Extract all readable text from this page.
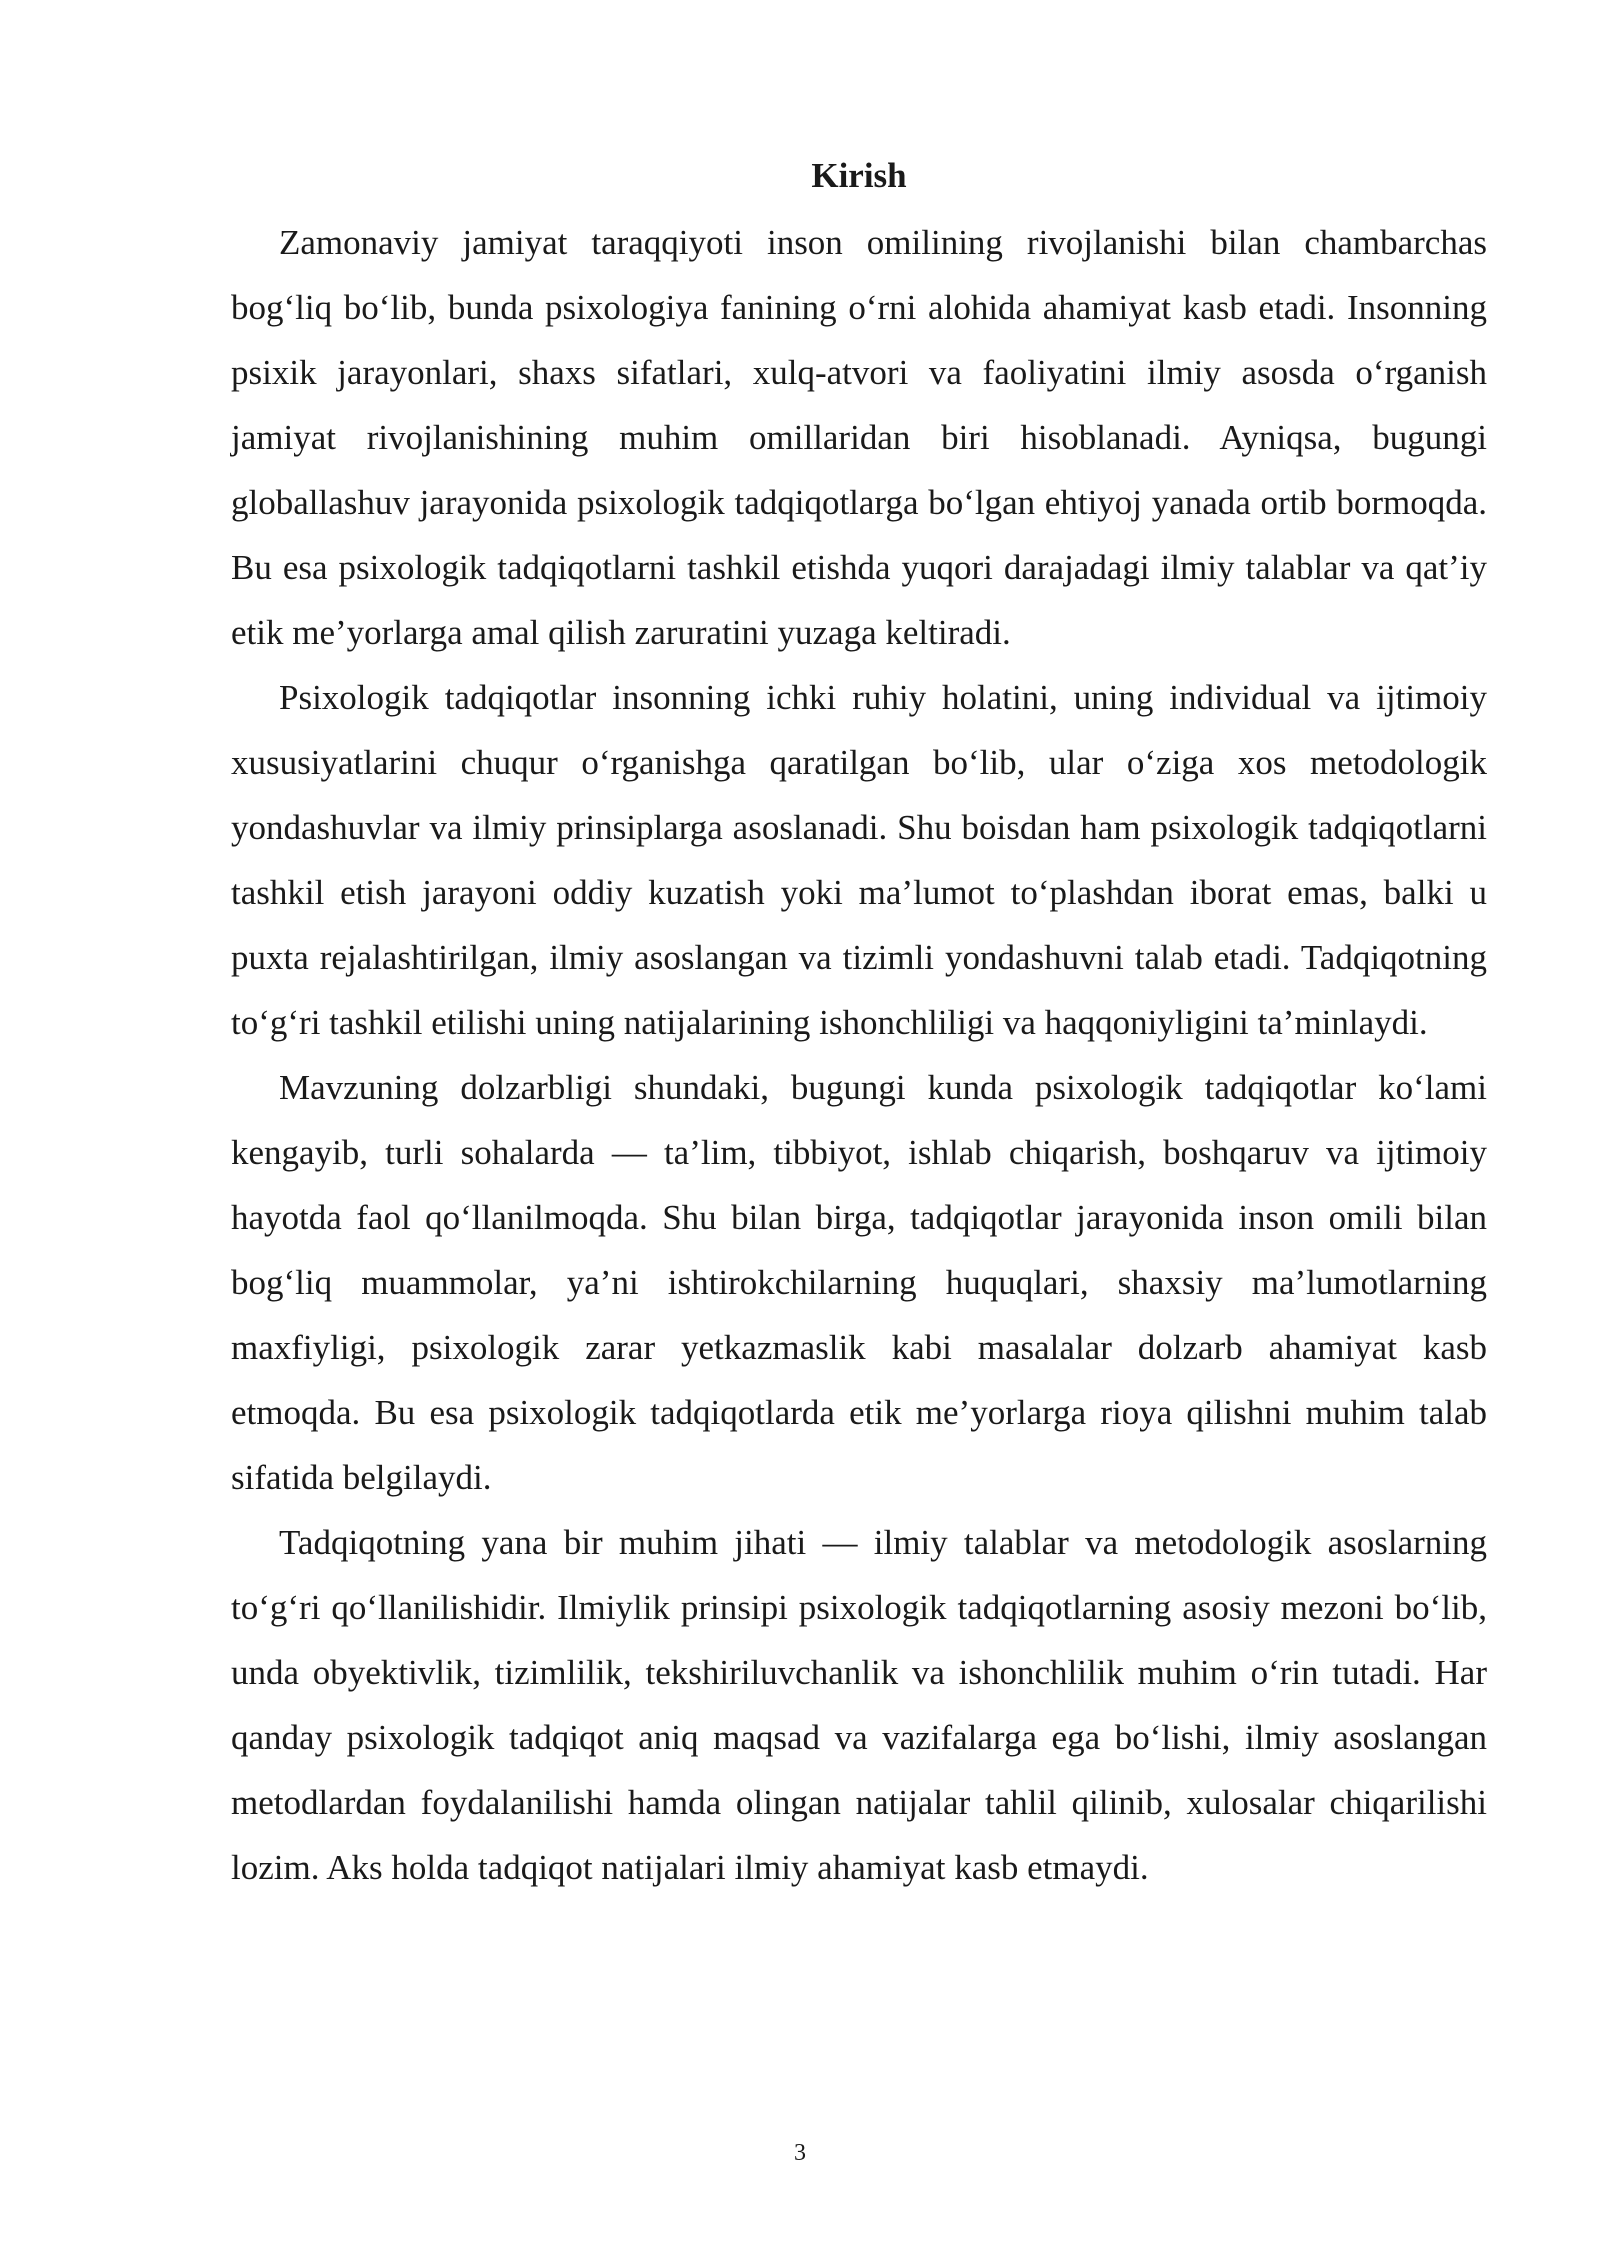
Kirish

Zamonaviy jamiyat taraqqiyoti inson omilining rivojlanishi bilan chambarchas bog‘liq bo‘lib, bunda psixologiya fanining o‘rni alohida ahamiyat kasb etadi. Insonning psixik jarayonlari, shaxs sifatlari, xulq-atvori va faoliyatini ilmiy asosda o‘rganish jamiyat rivojlanishining muhim omillaridan biri hisoblanadi. Ayniqsa, bugungi globallashuv jarayonida psixologik tadqiqotlarga bo‘lgan ehtiyoj yanada ortib bormoqda. Bu esa psixologik tadqiqotlarni tashkil etishda yuqori darajadagi ilmiy talablar va qat’iy etik me’yorlarga amal qilish zaruratini yuzaga keltiradi.

Psixologik tadqiqotlar insonning ichki ruhiy holatini, uning individual va ijtimoiy xususiyatlarini chuqur o‘rganishga qaratilgan bo‘lib, ular o‘ziga xos metodologik yondashuvlar va ilmiy prinsiplarga asoslanadi. Shu boisdan ham psixologik tadqiqotlarni tashkil etish jarayoni oddiy kuzatish yoki ma’lumot to‘plashdan iborat emas, balki u puxta rejalashtirilgan, ilmiy asoslangan va tizimli yondashuvni talab etadi. Tadqiqotning to‘g‘ri tashkil etilishi uning natijalarining ishonchliligi va haqqoniyligini ta’minlaydi.

Mavzuning dolzarbligi shundaki, bugungi kunda psixologik tadqiqotlar ko‘lami kengayib, turli sohalarda — ta’lim, tibbiyot, ishlab chiqarish, boshqaruv va ijtimoiy hayotda faol qo‘llanilmoqda. Shu bilan birga, tadqiqotlar jarayonida inson omili bilan bog‘liq muammolar, ya’ni ishtirokchilarning huquqlari, shaxsiy ma’lumotlarning maxfiyligi, psixologik zarar yetkazmaslik kabi masalalar dolzarb ahamiyat kasb etmoqda. Bu esa psixologik tadqiqotlarda etik me’yorlarga rioya qilishni muhim talab sifatida belgilaydi.

Tadqiqotning yana bir muhim jihati — ilmiy talablar va metodologik asoslarning to‘g‘ri qo‘llanilishidir. Ilmiylik prinsipi psixologik tadqiqotlarning asosiy mezoni bo‘lib, unda obyektivlik, tizimlilik, tekshiriluvchanlik va ishonchlilik muhim o‘rin tutadi. Har qanday psixologik tadqiqot aniq maqsad va vazifalarga ega bo‘lishi, ilmiy asoslangan metodlardan foydalanilishi hamda olingan natijalar tahlil qilinib, xulosalar chiqarilishi lozim. Aks holda tadqiqot natijalari ilmiy ahamiyat kasb etmaydi.

3
